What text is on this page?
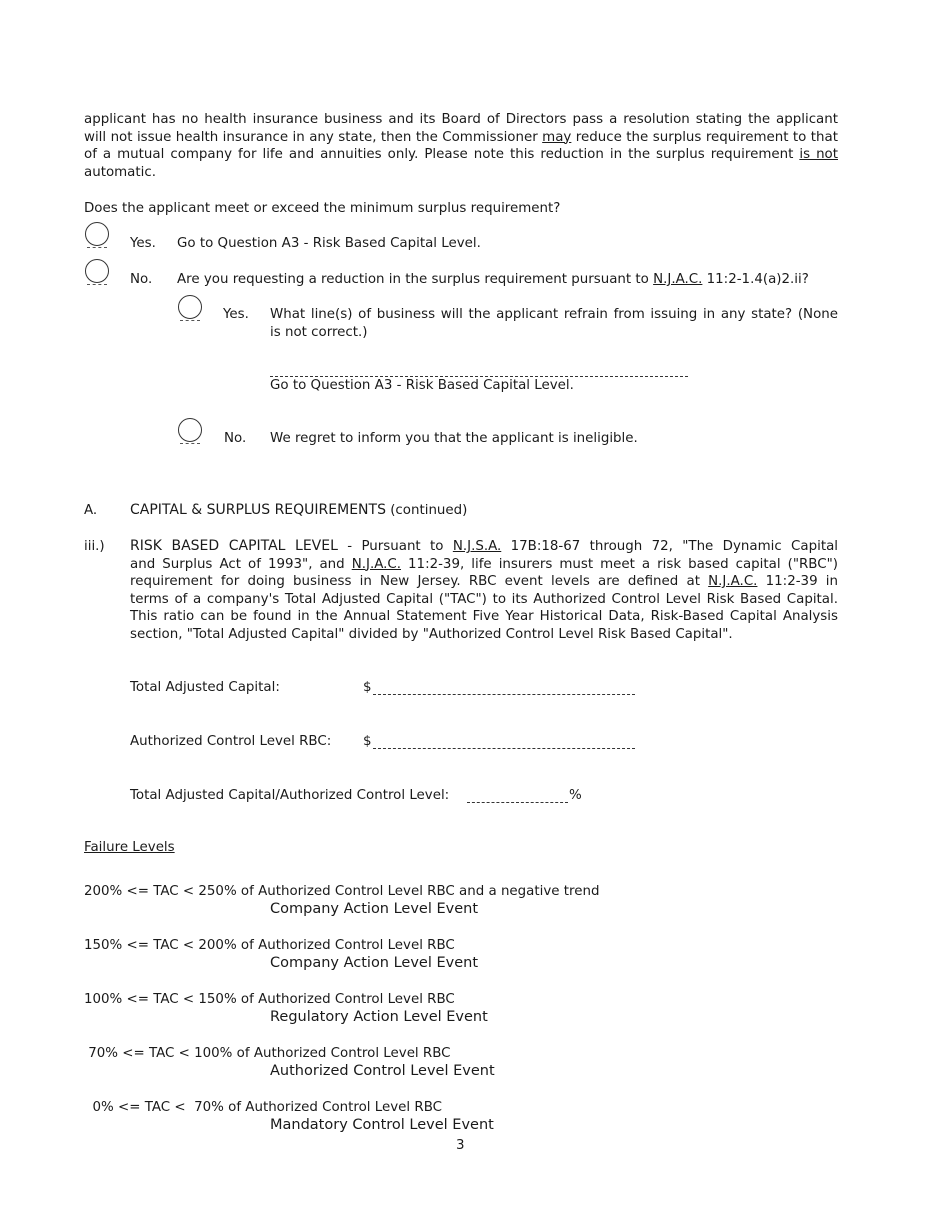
applicant has no health insurance business and its Board of Directors pass a resolution stating the applicant
will not issue health insurance in any state, then the Commissioner may reduce the surplus requirement to that
of a mutual company for life and annuities only. Please note this reduction in the surplus requirement is not
automatic.
Does the applicant meet or exceed the minimum surplus requirement?
Yes. Go to Question A3 - Risk Based Capital Level.
No. Are you requesting a reduction in the surplus requirement pursuant to N.J.A.C. 11:2-1.4(a)2.ii?
Yes. What line(s) of business will the applicant refrain from issuing in any state? (None
is not correct.)
Go to Question A3 - Risk Based Capital Level.
No. We regret to inform you that the applicant is ineligible.
A. CAPITAL & SURPLUS REQUIREMENTS (continued)
iii.) RISK BASED CAPITAL LEVEL - Pursuant to N.J.S.A. 17B:18-67 through 72, "The Dynamic Capital
and Surplus Act of 1993", and N.J.A.C. 11:2-39, life insurers must meet a risk based capital ("RBC")
requirement for doing business in New Jersey. RBC event levels are defined at N.J.A.C. 11:2-39 in
terms of a company's Total Adjusted Capital ("TAC") to its Authorized Control Level Risk Based Capital.
This ratio can be found in the Annual Statement Five Year Historical Data, Risk-Based Capital Analysis
section, "Total Adjusted Capital" divided by "Authorized Control Level Risk Based Capital".
Total Adjusted Capital:	$
Authorized Control Level RBC: $
Total Adjusted Capital/Authorized Control Level:	%
Failure Levels
200% <= TAC < 250% of Authorized Control Level RBC and a negative trend
Company Action Level Event
150% <= TAC < 200% of Authorized Control Level RBC
Company Action Level Event
100% <= TAC < 150% of Authorized Control Level RBC
Regulatory Action Level Event
70% <= TAC < 100% of Authorized Control Level RBC
Authorized Control Level Event
0% <= TAC <  70% of Authorized Control Level RBC
Mandatory Control Level Event
3
